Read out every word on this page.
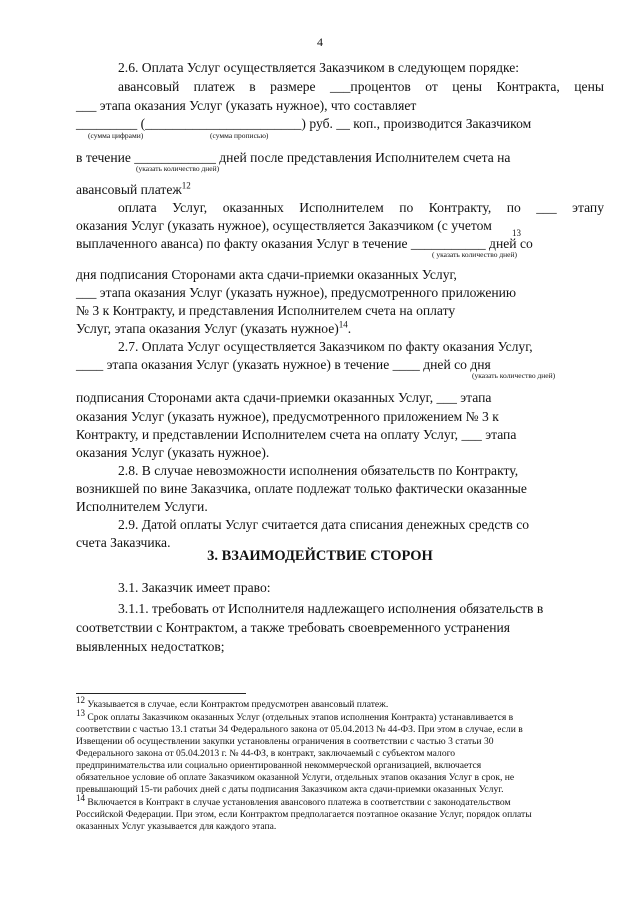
4

2.6. Оплата Услуг осуществляется Заказчиком в следующем порядке:

авансовый платеж в размере ___процентов от цены Контракта, цены

___ этапа оказания Услуг (указать нужное), что составляет

_________ (_______________________) руб. __ коп., производится Заказчиком

(сумма цифрами)	(сумма прописью)

в течение ____________ дней после представления Исполнителем счета на

(указать количество дней)

авансовый платеж$^{12}$

оплата Услуг, оказанных Исполнителем по Контракту, по ___ этапу

оказания Услуг (указать нужное), осуществляется Заказчиком (с учетом	13

выплаченного аванса) по факту оказания Услуг в течение ___________ дней со

( указать количество дней)

дня подписания Сторонами акта сдачи-приемки оказанных Услуг,

___ этапа оказания Услуг (указать нужное), предусмотренного приложению

№ 3 к Контракту, и представления Исполнителем счета на оплату

Услуг, этапа оказания Услуг (указать нужное)$^{14}$.

2.7. Оплата Услуг осуществляется Заказчиком по факту оказания Услуг,

____ этапа оказания Услуг (указать нужное) в течение ____ дней со дня

(указать количество дней)

подписания Сторонами акта сдачи-приемки оказанных Услуг, ___ этапа

оказания Услуг (указать нужное), предусмотренного приложением № 3 к

Контракту, и представлении Исполнителем счета на оплату Услуг, ___ этапа

оказания Услуг (указать нужное).

2.8. В случае невозможности исполнения обязательств по Контракту,

возникшей по вине Заказчика, оплате подлежат только фактически оказанные

Исполнителем Услуги.

2.9. Датой оплаты Услуг считается дата списания денежных средств со

счета Заказчика.

3. ВЗАИМОДЕЙСТВИЕ СТОРОН

3.1. Заказчик имеет право:

3.1.1. требовать от Исполнителя надлежащего исполнения обязательств в

соответствии с Контрактом, а также требовать своевременного устранения

выявленных недостатков;

12 Указывается в случае, если Контрактом предусмотрен авансовый платеж.

13 Срок оплаты Заказчиком оказанных Услуг (отдельных этапов исполнения Контракта) устанавливается в

соответствии с частью 13.1 статьи 34 Федерального закона от 05.04.2013 № 44-ФЗ. При этом в случае, если в

Извещении об осуществлении закупки установлены ограничения в соответствии с частью 3 статьи 30

Федерального закона от 05.04.2013 г. № 44-ФЗ, в контракт, заключаемый с субъектом малого

предпринимательства или социально ориентированной некоммерческой организацией, включается

обязательное условие об оплате Заказчиком оказанной Услуги, отдельных этапов оказания Услуг в срок, не

превышающий 15-ти рабочих дней с даты подписания Заказчиком акта сдачи-приемки оказанных Услуг.

14 Включается в Контракт в случае установления авансового платежа в соответствии с законодательством

Российской Федерации. При этом, если Контрактом предполагается поэтапное оказание Услуг, порядок оплаты

оказанных Услуг указывается для каждого этапа.
